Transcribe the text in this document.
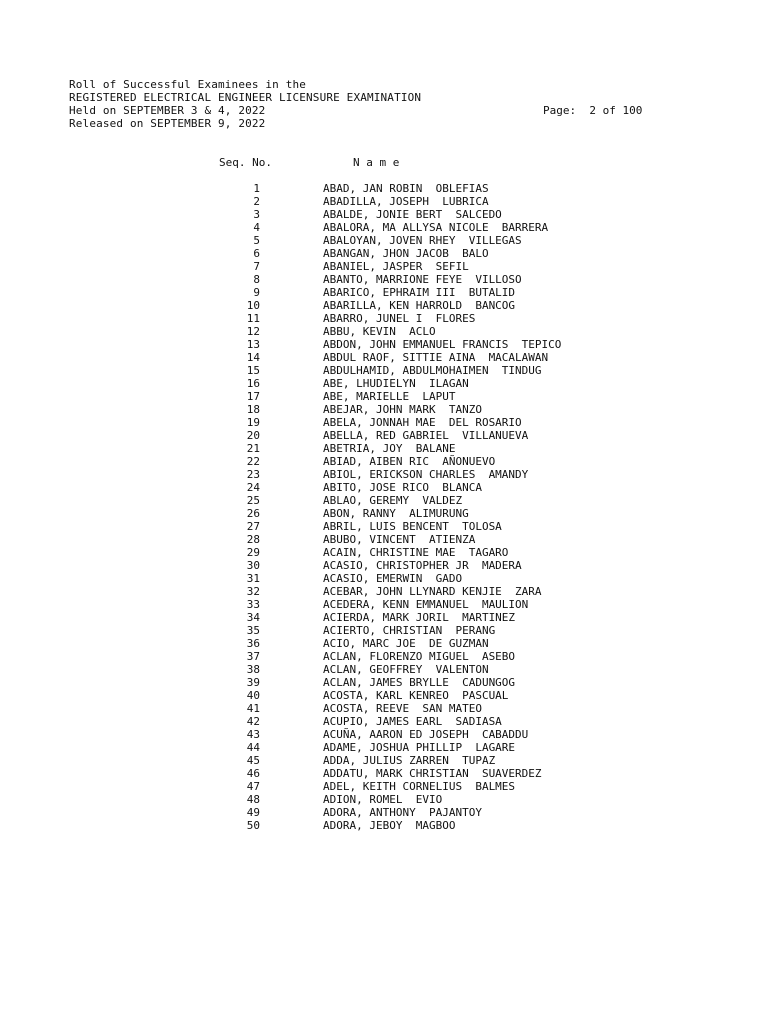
Roll of Successful Examinees in the
REGISTERED ELECTRICAL ENGINEER LICENSURE EXAMINATION
Held on SEPTEMBER 3 & 4, 2022
Released on SEPTEMBER 9, 2022
Page:  2 of 100
Seq. No.	N a m e
1	ABAD, JAN ROBIN  OBLEFIAS
2	ABADILLA, JOSEPH  LUBRICA
3	ABALDE, JONIE BERT  SALCEDO
4	ABALORA, MA ALLYSA NICOLE  BARRERA
5	ABALOYAN, JOVEN RHEY  VILLEGAS
6	ABANGAN, JHON JACOB  BALO
7	ABANIEL, JASPER  SEFIL
8	ABANTO, MARRIONE FEYE  VILLOSO
9	ABARICO, EPHRAIM III  BUTALID
10	ABARILLA, KEN HARROLD  BANCOG
11	ABARRO, JUNEL I  FLORES
12	ABBU, KEVIN  ACLO
13	ABDON, JOHN EMMANUEL FRANCIS  TEPICO
14	ABDUL RAOF, SITTIE AINA  MACALAWAN
15	ABDULHAMID, ABDULMOHAIMEN  TINDUG
16	ABE, LHUDIELYN  ILAGAN
17	ABE, MARIELLE  LAPUT
18	ABEJAR, JOHN MARK  TANZO
19	ABELA, JONNAH MAE  DEL ROSARIO
20	ABELLA, RED GABRIEL  VILLANUEVA
21	ABETRIA, JOY  BALANE
22	ABIAD, AIBEN RIC  AÑONUEVO
23	ABIOL, ERICKSON CHARLES  AMANDY
24	ABITO, JOSE RICO  BLANCA
25	ABLAO, GEREMY  VALDEZ
26	ABON, RANNY  ALIMURUNG
27	ABRIL, LUIS BENCENT  TOLOSA
28	ABUBO, VINCENT  ATIENZA
29	ACAIN, CHRISTINE MAE  TAGARO
30	ACASIO, CHRISTOPHER JR  MADERA
31	ACASIO, EMERWIN  GADO
32	ACEBAR, JOHN LLYNARD KENJIE  ZARA
33	ACEDERA, KENN EMMANUEL  MAULION
34	ACIERDA, MARK JORIL  MARTINEZ
35	ACIERTO, CHRISTIAN  PERANG
36	ACIO, MARC JOE  DE GUZMAN
37	ACLAN, FLORENZO MIGUEL  ASEBO
38	ACLAN, GEOFFREY  VALENTON
39	ACLAN, JAMES BRYLLE  CADUNGOG
40	ACOSTA, KARL KENREO  PASCUAL
41	ACOSTA, REEVE  SAN MATEO
42	ACUPIO, JAMES EARL  SADIASA
43	ACUÑA, AARON ED JOSEPH  CABADDU
44	ADAME, JOSHUA PHILLIP  LAGARE
45	ADDA, JULIUS ZARREN  TUPAZ
46	ADDATU, MARK CHRISTIAN  SUAVERDEZ
47	ADEL, KEITH CORNELIUS  BALMES
48	ADION, ROMEL  EVIO
49	ADORA, ANTHONY  PAJANTOY
50	ADORA, JEBOY  MAGBOO
